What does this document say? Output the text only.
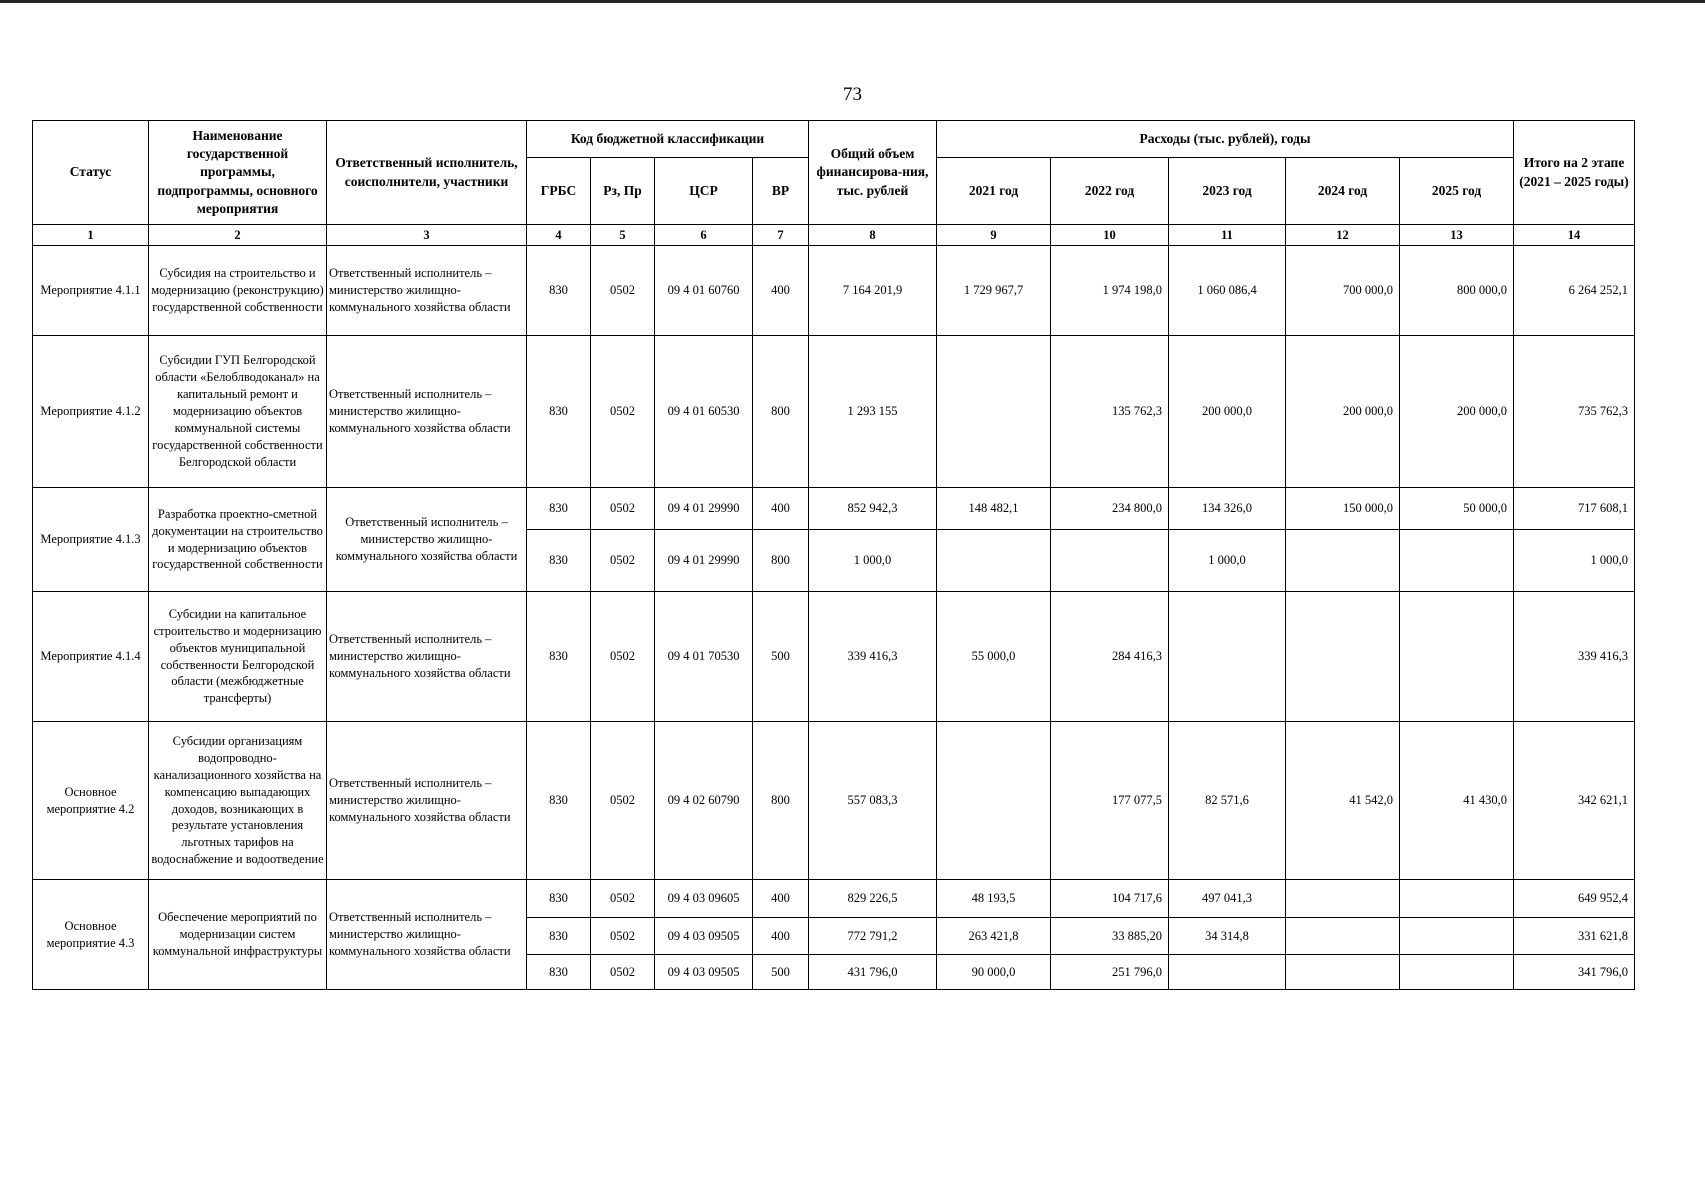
73
Статус	Наименование государственной программы, подпрограммы, основного мероприятия	Ответственный исполнитель, соисполнители, участники	Код бюджетной классификации				Общий объем финансирова-ния, тыс. рублей	Расходы (тыс. рублей), годы					Итого на 2 этапе (2021 – 2025 годы)
			ГРБС	Рз, Пр	ЦСР	ВР		2021 год	2022 год	2023 год	2024 год	2025 год	
1	2	3	4	5	6	7	8	9	10	11	12	13	14
Мероприятие 4.1.1	Субсидия на строительство и модернизацию (реконструкцию) государственной собственности	Ответственный исполнитель – министерство жилищно-коммунального хозяйства области	830	0502	09 4 01 60760	400	7 164 201,9	1 729 967,7	1 974 198,0	1 060 086,4	700 000,0	800 000,0	6 264 252,1
Мероприятие 4.1.2	Субсидии ГУП Белгородской области «Белоблводоканал» на капитальный ремонт и модернизацию объектов коммунальной системы государственной собственности Белгородской области	Ответственный исполнитель – министерство жилищно-коммунального хозяйства области	830	0502	09 4 01 60530	800	1 293 155		135 762,3	200 000,0	200 000,0	200 000,0	735 762,3
Мероприятие 4.1.3	Разработка проектно-сметной документации на строительство и модернизацию объектов государственной собственности	Ответственный исполнитель – министерство жилищно-коммунального хозяйства области	830	0502	09 4 01 29990	400	852 942,3	148 482,1	234 800,0	134 326,0	150 000,0	50 000,0	717 608,1
			830	0502	09 4 01 29990	800	1 000,0			1 000,0			1 000,0
Мероприятие 4.1.4	Субсидии на капитальное строительство и модернизацию объектов муниципальной собственности Белгородской области (межбюджетные трансферты)	Ответственный исполнитель – министерство жилищно-коммунального хозяйства области	830	0502	09 4 01 70530	500	339 416,3	55 000,0	284 416,3				339 416,3
Основное мероприятие 4.2	Субсидии организациям водопроводно-канализационного хозяйства на компенсацию выпадающих доходов, возникающих в результате установления льготных тарифов на водоснабжение и водоотведение	Ответственный исполнитель – министерство жилищно-коммунального хозяйства области	830	0502	09 4 02 60790	800	557 083,3		177 077,5	82 571,6	41 542,0	41 430,0	342 621,1
Основное мероприятие 4.3	Обеспечение мероприятий по модернизации систем коммунальной инфраструктуры	Ответственный исполнитель – министерство жилищно-коммунального хозяйства области	830	0502	09 4 03 09605	400	829 226,5	48 193,5	104 717,6	497 041,3			649 952,4
			830	0502	09 4 03 09505	400	772 791,2	263 421,8	33 885,20	34 314,8			331 621,8
			830	0502	09 4 03 09505	500	431 796,0	90 000,0	251 796,0				341 796,0
